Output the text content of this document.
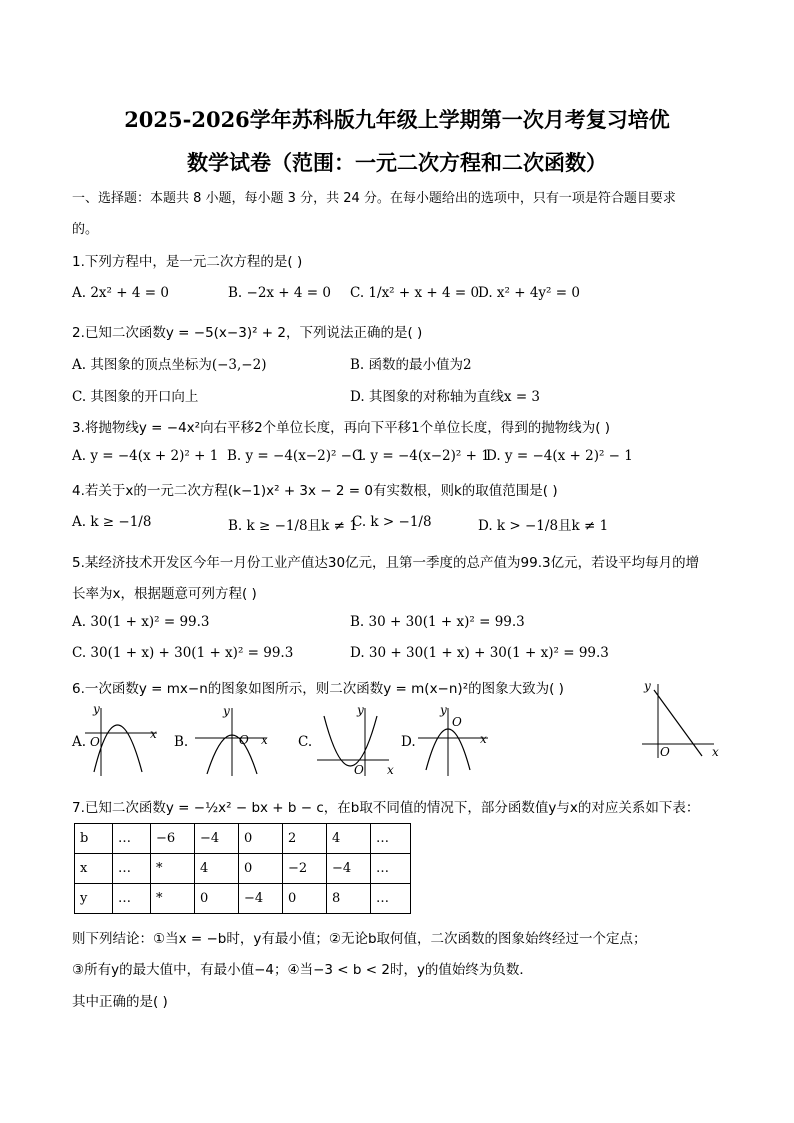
2025-2026学年苏科版九年级上学期第一次月考复习培优
数学试卷（范围：一元二次方程和二次函数）
一、选择题：本题共 8 小题，每小题 3 分，共 24 分。在每小题给出的选项中，只有一项是符合题目要求
的。
1.下列方程中，是一元二次方程的是( )
A. 2x² + 4 = 0	B. −2x + 4 = 0 C. 1/x² + x + 4 = 0
D. x² + 4y² = 0
2.已知二次函数y = −5(x−3)² + 2，下列说法正确的是( )
A. 其图象的顶点坐标为(−3,−2)	B. 函数的最小值为2
C. 其图象的开口向上	D. 其图象的对称轴为直线x = 3
3.将抛物线y = −4x²向右平移2个单位长度，再向下平移1个单位长度，得到的抛物线为( )
A. y = −4(x + 2)² + 1 B. y = −4(x−2)² − 1
C. y = −4(x−2)² + 1
D. y = −4(x + 2)² − 1
4.若关于x的一元二次方程(k−1)x² + 3x − 2 = 0有实数根，则k的取值范围是( )
A. k ≥ −1/8	B. k ≥ −1/8且k ≠ 1
C. k > −1/8	D. k > −1/8且k ≠ 1
5.某经济技术开发区今年一月份工业产值达30亿元，且第一季度的总产值为99.3亿元，若设平均每月的增
长率为x，根据题意可列方程( )
A. 30(1 + x)² = 99.3	B. 30 + 30(1 + x)² = 99.3
C. 30(1 + x) + 30(1 + x)² = 99.3	D. 30 + 30(1 + x) + 30(1 + x)² = 99.3
6.一次函数y = mx−n的图象如图所示，则二次函数y = m(x−n)²的图象大致为( )
A.	B.	C.	D.
y
O
x
y
O x
y
O x
y
O
x
y
O	x
7.已知二次函数y = −½x² − bx + b − c，在b取不同值的情况下，部分函数值y与x的对应关系如下表：
b	…	−6	−4	0	2	4	…
x	…	*	4	0	−2	−4	…
y	…	*	0	−4	0	8	…
则下列结论：①当x = −b时，y有最小值；②无论b取何值，二次函数的图象始终经过一个定点；
③所有y的最大值中，有最小值−4；④当−3 < b < 2时，y的值始终为负数．
其中正确的是( )
